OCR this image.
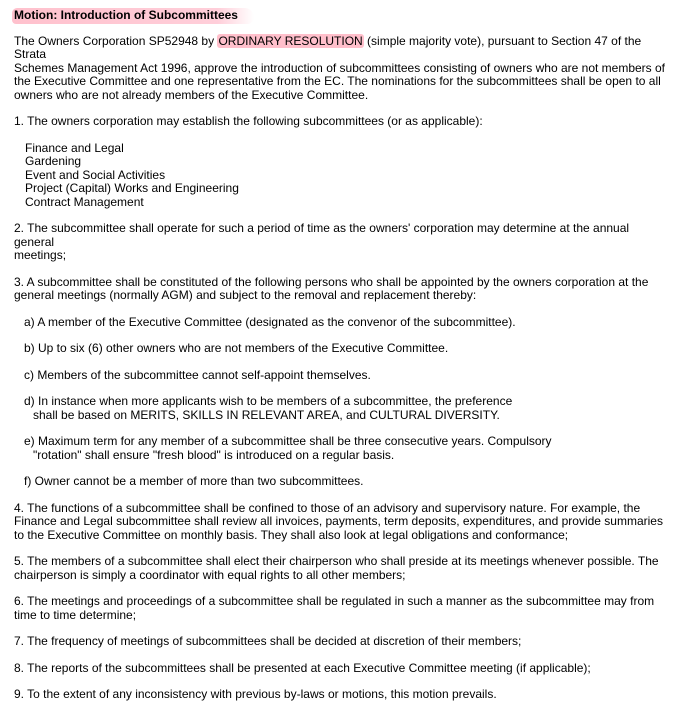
Motion: Introduction of Subcommittees
The Owners Corporation SP52948 by ORDINARY RESOLUTION (simple majority vote), pursuant to Section 47 of the Strata
Schemes Management Act 1996, approve the introduction of subcommittees consisting of owners who are not members of
the Executive Committee and one representative from the EC. The nominations for the subcommittees shall be open to all
owners who are not already members of the Executive Committee.
1. The owners corporation may establish the following subcommittees (or as applicable):
Finance and Legal
Gardening
Event and Social Activities
Project (Capital) Works and Engineering
Contract Management
2. The subcommittee shall operate for such a period of time as the owners' corporation may determine at the annual general
meetings;
3. A subcommittee shall be constituted of the following persons who shall be appointed by the owners corporation at the
general meetings (normally AGM) and subject to the removal and replacement thereby:
a) A member of the Executive Committee (designated as the convenor of the subcommittee).
b) Up to six (6) other owners who are not members of the Executive Committee.
c) Members of the subcommittee cannot self-appoint themselves.
d) In instance when more applicants wish to be members of a subcommittee, the preference
shall be based on MERITS, SKILLS IN RELEVANT AREA, and CULTURAL DIVERSITY.
e) Maximum term for any member of a subcommittee shall be three consecutive years. Compulsory
"rotation" shall ensure "fresh blood" is introduced on a regular basis.
f) Owner cannot be a member of more than two subcommittees.
4. The functions of a subcommittee shall be confined to those of an advisory and supervisory nature. For example, the
Finance and Legal subcommittee shall review all invoices, payments, term deposits, expenditures, and provide summaries
to the Executive Committee on monthly basis. They shall also look at legal obligations and conformance;
5. The members of a subcommittee shall elect their chairperson who shall preside at its meetings whenever possible. The
chairperson is simply a coordinator with equal rights to all other members;
6. The meetings and proceedings of a subcommittee shall be regulated in such a manner as the subcommittee may from
time to time determine;
7. The frequency of meetings of subcommittees shall be decided at discretion of their members;
8. The reports of the subcommittees shall be presented at each Executive Committee meeting (if applicable);
9. To the extent of any inconsistency with previous by-laws or motions, this motion prevails.
